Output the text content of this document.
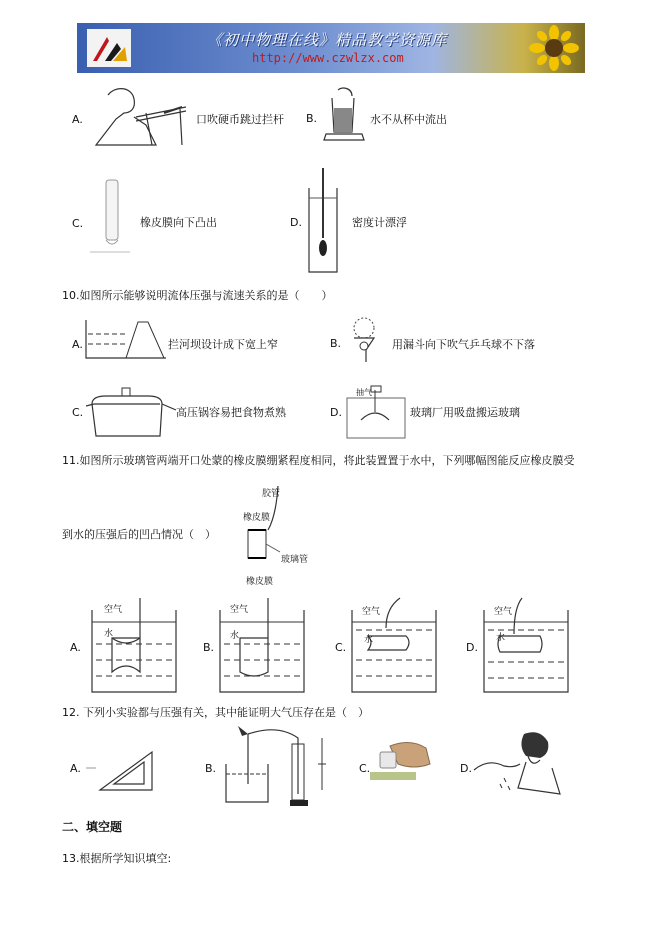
《初中物理在线》精品教学资源库
http://www.czwlzx.com
A.	口吹硬币跳过拦杆 B.	水不从杯中流出
C.	橡皮膜向下凸出	D.	密度计漂浮
10.如图所示能够说明流体压强与流速关系的是（　　）
A.	拦河坝设计成下宽上窄	B.	用漏斗向下吹气乒乓球不下落
C.	高压锅容易把食物煮熟	D.
抽气
玻璃厂用吸盘搬运玻璃
11.如图所示玻璃管两端开口处蒙的橡皮膜绷紧程度相同，将此装置置于水中，下列哪幅图能反应橡皮膜受
胶管
橡皮膜
玻璃管
橡皮膜
到水的压强后的凹凸情况（　）
A.
空气
水
B.
空气
水
C.
空气
水
D.
空气
水
12. 下列小实验都与压强有关，其中能证明大气压存在是（　）
A.	B.	C.	D.
二、填空题
13.根据所学知识填空:
